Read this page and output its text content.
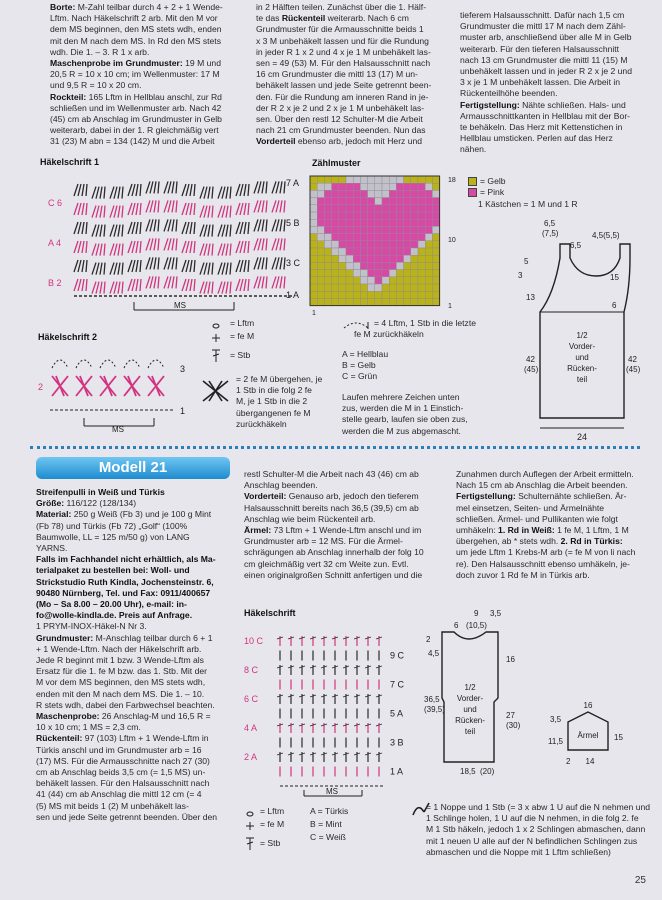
Borte: M-Zahl teilbar durch 4 + 2 + 1 Wende-
Lftm. Nach Häkelschrift 2 arb. Mit den M vor
dem MS beginnen, den MS stets wdh, enden
mit den M nach dem MS. In Rd den MS stets
wdh. Die 1. – 3. R 1 x arb.
Maschenprobe im Grundmuster: 19 M und
20,5 R = 10 x 10 cm; im Wellenmuster: 17 M
und 9,5 R = 10 x 20 cm.
Rockteil: 165 Lftm in Hellblau anschl, zur Rd
schließen und im Wellenmuster arb. Nach 42
(45) cm ab Anschlag im Grundmuster in Gelb
weiterarb, dabei in der 1. R gleichmäßig vert
31 (23) M abn = 134 (142) M und die Arbeit
in 2 Hälften teilen. Zunächst über die 1. Hälf-
te das Rückenteil weiterarb. Nach 6 cm
Grundmuster für die Armausschnitte beids 1
x 3 M unbehäkelt lassen und für die Rundung
in jeder R 1 x 2 und 4 x je 1 M unbehäkelt las-
sen = 49 (53) M. Für den Halsausschnitt nach
16 cm Grundmuster die mittl 13 (17) M un-
behäkelt lassen und jede Seite getrennt been-
den. Für die Rundung am inneren Rand in je-
der R 2 x je 2 und 2 x je 1 M unbehäkelt las-
sen. Über den restl 12 Schulter-M die Arbeit
nach 21 cm Grundmuster beenden. Nun das
Vorderteil ebenso arb, jedoch mit Herz und
tieferem Halsausschnitt. Dafür nach 1,5 cm
Grundmuster die mittl 17 M nach dem Zähl-
muster arb, anschließend über alle M in Gelb
weiterarb. Für den tieferen Halsausschnitt
nach 13 cm Grundmuster die mittl 11 (15) M
unbehäkelt lassen und in jeder R 2 x je 2 und
3 x je 1 M unbehäkelt lassen. Die Arbeit in
Rückenteilhöhe beenden.
Fertigstellung: Nähte schließen. Hals- und
Armausschnittkanten in Hellblau mit der Bor-
te behäkeln. Das Herz mit Kettenstichen in
Hellblau umsticken. Perlen auf das Herz
nähen.
Häkelschrift 1
MS
7 A
C 6
5 B
A 4
3 C
B 2
1 A
Häkelschrift 2
MS
3
2
1
= Lftm
= fe M
= Stb
Zählmuster
18
10
1
1
= Gelb
= Pink
1 Kästchen = 1 M und 1 R
= 4 Lftm, 1 Stb in die letzte
fe M zurückhäkeln
= 2 fe M übergehen, je
1 Stb in die folg 2 fe
M, je 1 Stb in die 2
übergangenen fe M
zurückhäkeln
A = Hellblau
B = Gelb
C = Grün
Laufen mehrere Zeichen unten
zus, werden die M in 1 Einstich-
stelle gearb, laufen sie oben zus,
werden die M zus abgemascht.
6,5
(7,5)
6,5
4,5(5,5)
5
3	15
13
6
42
(45)
42
(45)
24
1/2
Vorder-
und
Rücken-
teil
Modell 21
Streifenpulli in Weiß und Türkis
Größe: 116/122 (128/134)
Material: 250 g Weiß (Fb 3) und je 100 g Mint
(Fb 78) und Türkis (Fb 72) „Golf“ (100%
Baumwolle, LL = 125 m/50 g) von LANG
YARNS.
Falls im Fachhandel nicht erhältlich, als Ma-
terialpaket zu bestellen bei: Woll- und
Strickstudio Ruth Kindla, Jochensteinstr. 6,
90480 Nürnberg, Tel. und Fax: 0911/400657
(Mo – Sa 8.00 – 20.00 Uhr), e-mail: in-
fo@wolle-kindla.de. Preis auf Anfrage.
1 PRYM-INOX-Häkel-N Nr 3.
Grundmuster: M-Anschlag teilbar durch 6 + 1
+ 1 Wende-Lftm. Nach der Häkelschrift arb.
Jede R beginnt mit 1 bzw. 3 Wende-Lftm als
Ersatz für die 1. fe M bzw. das 1. Stb. Mit der
M vor dem MS beginnen, den MS stets wdh,
enden mit den M nach dem MS. Die 1. – 10.
R stets wdh, dabei den Farbwechsel beachten.
Maschenprobe: 26 Anschlag-M und 16,5 R =
10 x 10 cm; 1 MS = 2,3 cm.
Rückenteil: 97 (103) Lftm + 1 Wende-Lftm in
Türkis anschl und im Grundmuster arb = 16
(17) MS. Für die Armausschnitte nach 27 (30)
cm ab Anschlag beids 3,5 cm (= 1,5 MS) un-
behäkelt lassen. Für den Halsausschnitt nach
41 (44) cm ab Anschlag die mittl 12 cm (= 4
(5) MS mit beids 1 (2) M unbehäkelt las-
sen und jede Seite getrennt beenden. Über den
restl Schulter-M die Arbeit nach 43 (46) cm ab
Anschlag beenden.
Vorderteil: Genauso arb, jedoch den tieferem
Halsausschnitt bereits nach 36,5 (39,5) cm ab
Anschlag wie beim Rückenteil arb.
Ärmel: 73 Lftm + 1 Wende-Lftm anschl und im
Grundmuster arb = 12 MS. Für die Ärmel-
schrägungen ab Anschlag innerhalb der folg 10
cm gleichmäßig vert 32 cm Weite zun. Evtl.
einen originalgroßen Schnitt anfertigen und die
Zunahmen durch Auflegen der Arbeit ermitteln.
Nach 15 cm ab Anschlag die Arbeit beenden.
Fertigstellung: Schulternähte schließen. Är-
mel einsetzen, Seiten- und Ärmelnähte
schließen. Ärmel- und Pullikanten wie folgt
umhäkeln: 1. Rd in Weiß: 1 fe M, 1 Lftm, 1 M
übergehen, ab * stets wdh. 2. Rd in Türkis:
um jede Lftm 1 Krebs-M arb (= fe M von li nach
re). Den Halsausschnitt ebenso umhäkeln, je-
doch zuvor 1 Rd fe M in Türkis arb.
Häkelschrift
10 C
9 C
8 C
7 C
6 C
5 A
4 A
3 B
2 A
1 A
MS
= Lftm
= fe M
= Stb
A = Türkis
B = Mint
C = Weiß
= 1 Noppe und 1 Stb (= 3 x abw 1 U auf die N nehmen und
1 Schlinge holen, 1 U auf die N nehmen, in die folg 2. fe
M 1 Stb häkeln, jedoch 1 x 2 Schlingen abmaschen, dann
mit 1 neuen U alle auf der N befindlichen Schlingen zus
abmaschen und die Noppe mit 1 Lftm schließen)
9 3,5
6 (10,5)
2
4,5
16
36,5
(39,5)
27
(30)
18,5 (20)
1/2
Vorder-
und
Rücken-
teil
16
3,5
11,5	15
2 14
Ärmel
25
